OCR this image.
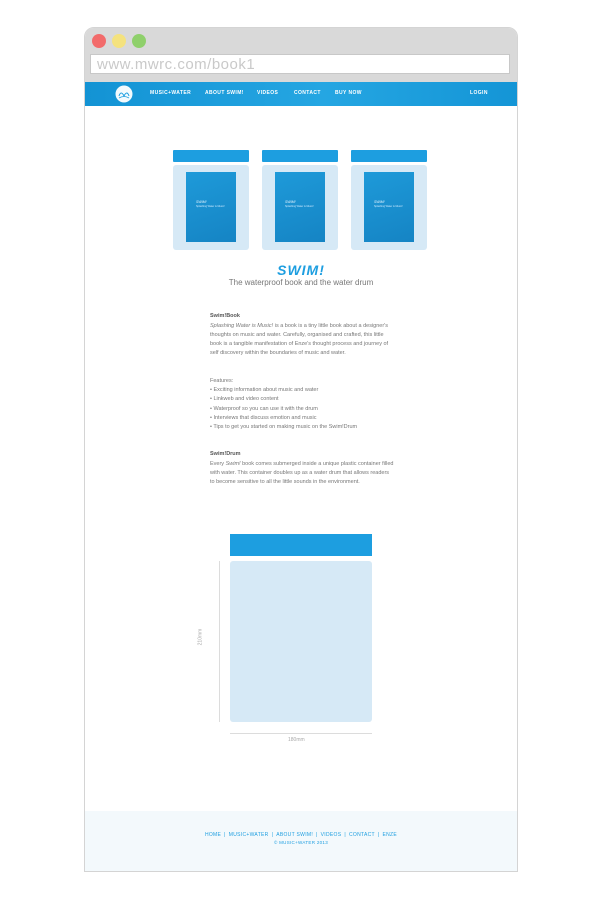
www.mwrc.com/book1
MUSIC+WATER	ABOUT SWIM!	VIDEOS	CONTACT	BUY NOW	LOGIN
SWIM!
Splashing Water is Music!
SWIM!
Splashing Water is Music!
SWIM!
Splashing Water is Music!
SWIM!
The waterproof book and the water drum
Swim!Book
Splashing Water is Music! is a book is a tiny little book about a designer's thoughts on music and water. Carefully, organised and crafted, this little book is a tangible manifestation of Enze's thought process and journey of self discovery within the boundaries of music and water.
Features:
• Exciting information about music and water
• Linkweb and video content
• Waterproof so you can use it with the drum
• Interviews that discuss emotion and music
• Tips to get you started on making music on the Swim!Drum
Swim!Drum
Every Swim! book comes submerged inside a unique plastic container filled with water. This container doubles up as a water drum that allows readers to become sensitive to all the little sounds in the environment.
210mm
180mm
HOME | MUSIC+WATER | ABOUT SWIM! | VIDEOS | CONTACT | ENZE
© MUSIC+WATER 2013
